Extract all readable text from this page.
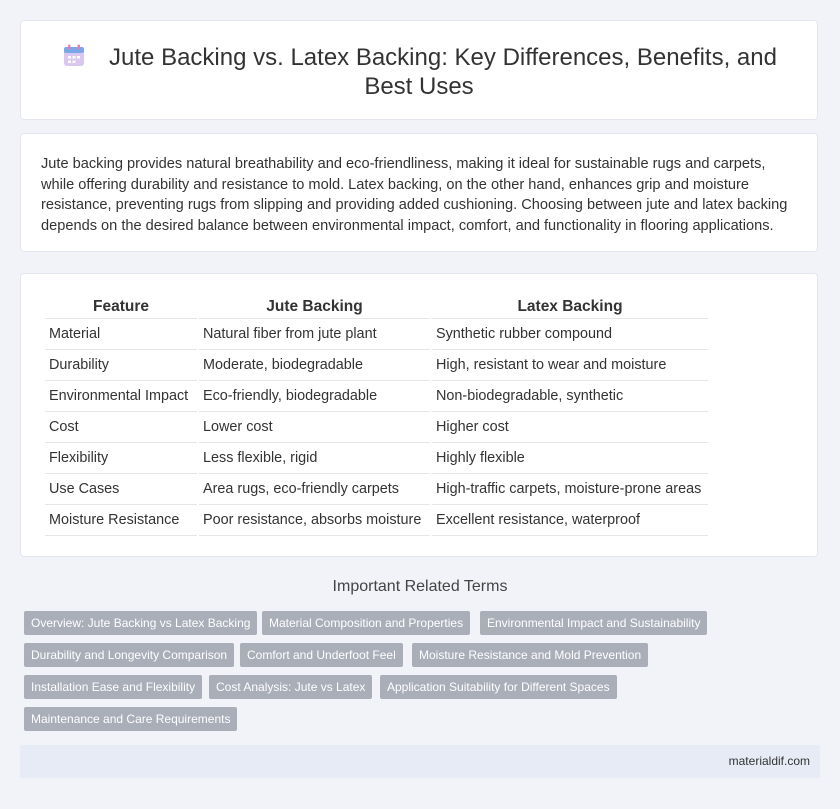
Jute Backing vs. Latex Backing: Key Differences, Benefits, and Best Uses
Jute backing provides natural breathability and eco-friendliness, making it ideal for sustainable rugs and carpets, while offering durability and resistance to mold. Latex backing, on the other hand, enhances grip and moisture resistance, preventing rugs from slipping and providing added cushioning. Choosing between jute and latex backing depends on the desired balance between environmental impact, comfort, and functionality in flooring applications.
Feature	Jute Backing	Latex Backing
Material	Natural fiber from jute plant	Synthetic rubber compound
Durability	Moderate, biodegradable	High, resistant to wear and moisture
Environmental Impact	Eco-friendly, biodegradable	Non-biodegradable, synthetic
Cost	Lower cost	Higher cost
Flexibility	Less flexible, rigid	Highly flexible
Use Cases	Area rugs, eco-friendly carpets	High-traffic carpets, moisture-prone areas
Moisture Resistance	Poor resistance, absorbs moisture	Excellent resistance, waterproof
Important Related Terms
Overview: Jute Backing vs Latex Backing	Material Composition and Properties	Environmental Impact and Sustainability
Durability and Longevity Comparison	Comfort and Underfoot Feel	Moisture Resistance and Mold Prevention
Installation Ease and Flexibility	Cost Analysis: Jute vs Latex	Application Suitability for Different Spaces
Maintenance and Care Requirements
materialdif.com
